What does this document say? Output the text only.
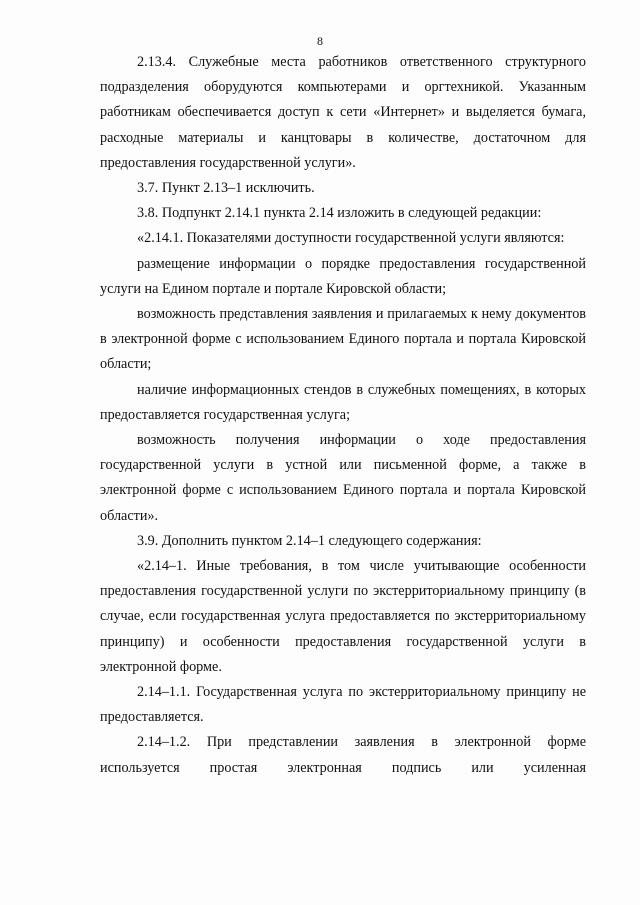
8

2.13.4. Служебные места работников ответственного структурного подразделения оборудуются компьютерами и оргтехникой. Указанным работникам обеспечивается доступ к сети «Интернет» и выделяется бумага, расходные материалы и канцтовары в количестве, достаточном для предоставления государственной услуги».

3.7. Пункт 2.13–1 исключить.

3.8. Подпункт 2.14.1 пункта 2.14 изложить в следующей редакции:

«2.14.1. Показателями доступности государственной услуги являются:

размещение информации о порядке предоставления государственной услуги на Едином портале и портале Кировской области;

возможность представления заявления и прилагаемых к нему документов в электронной форме с использованием Единого портала и портала Кировской области;

наличие информационных стендов в служебных помещениях, в которых предоставляется государственная услуга;

возможность получения информации о ходе предоставления государственной услуги в устной или письменной форме, а также в электронной форме с использованием Единого портала и портала Кировской области».

3.9. Дополнить пунктом 2.14–1 следующего содержания:

«2.14–1. Иные требования, в том числе учитывающие особенности предоставления государственной услуги по экстерриториальному принципу (в случае, если государственная услуга предоставляется по экстерриториальному принципу) и особенности предоставления государственной услуги в электронной форме.

2.14–1.1. Государственная услуга по экстерриториальному принципу не предоставляется.

2.14–1.2. При представлении заявления в электронной форме используется простая электронная подпись или усиленная
